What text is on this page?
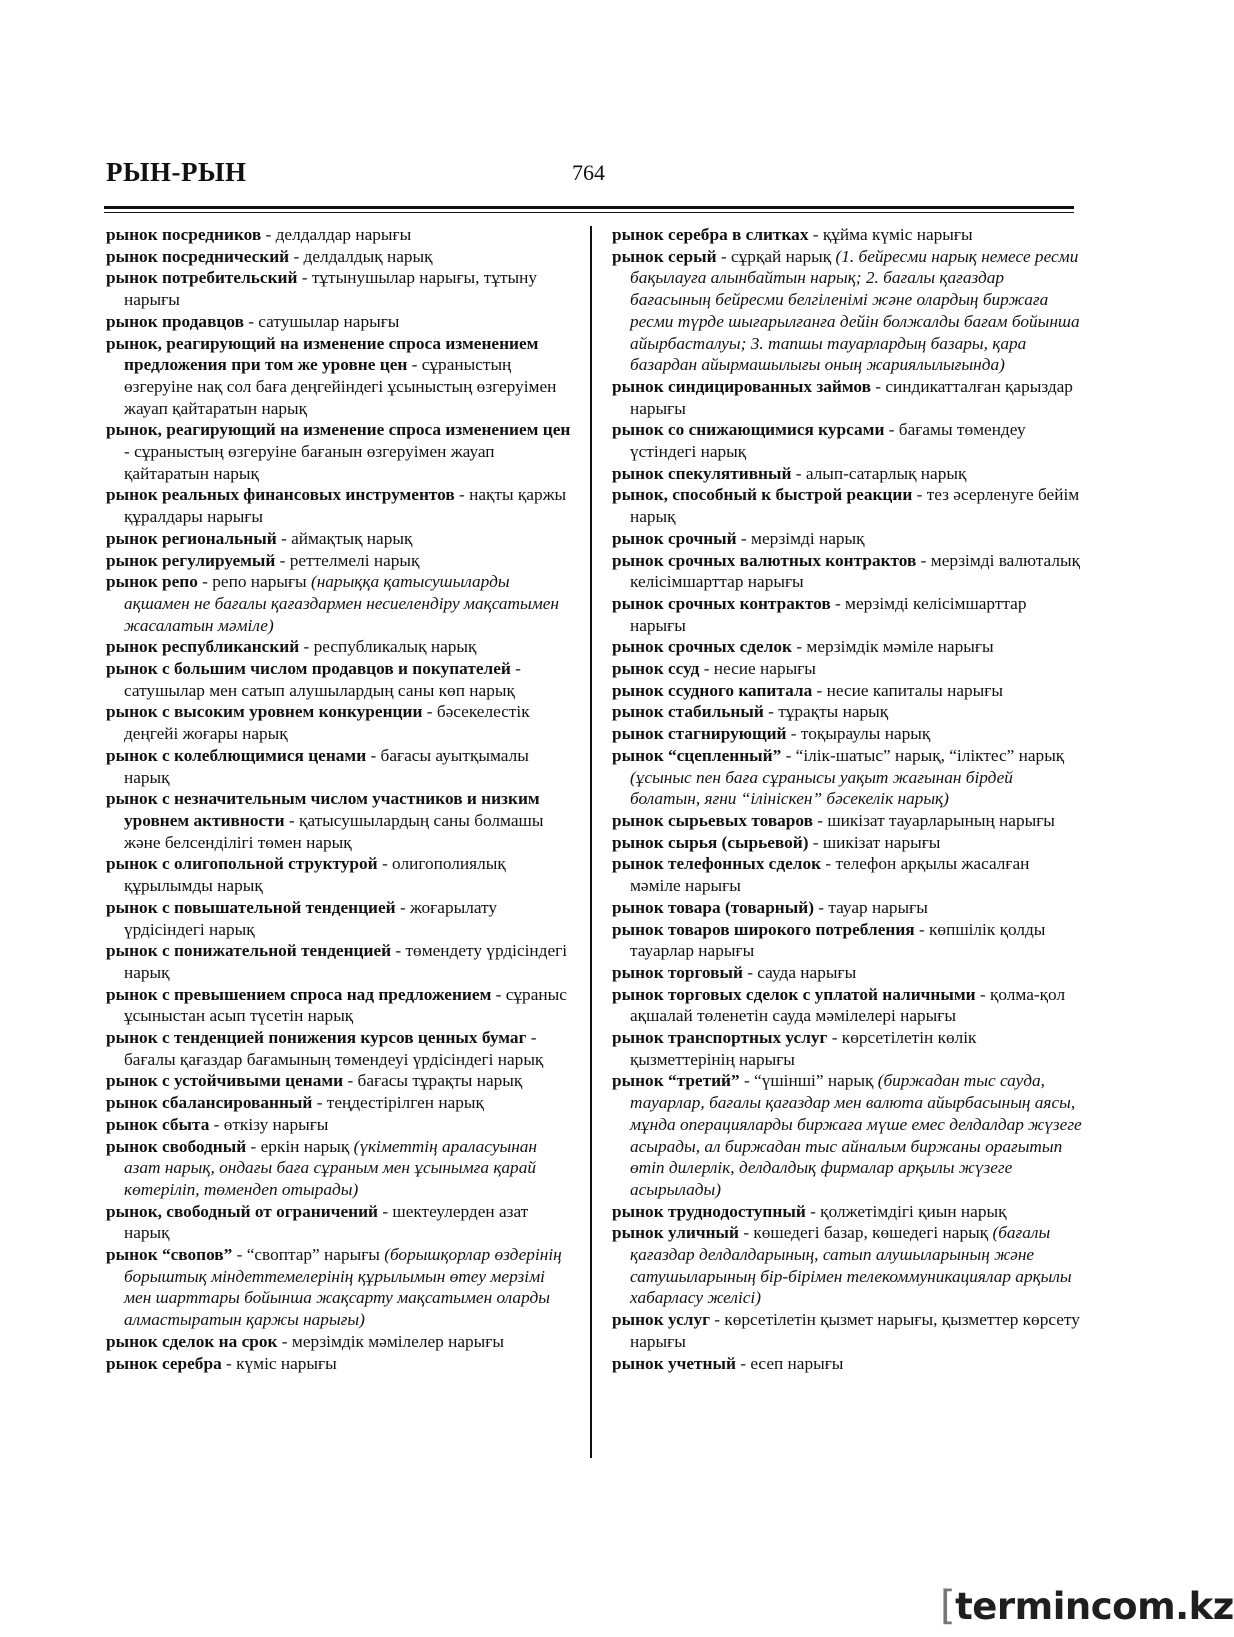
РЫН-РЫН	764

рынок посредников - делдалдар нарығы

рынок посреднический - делдалдық нарық

рынок потребительский - тұтынушылар нарығы, тұтыну нарығы

рынок продавцов - сатушылар нарығы

рынок, реагирующий на изменение спроса изменением предложения при том же уровне цен - сұраныстың өзгеруіне нақ сол баға деңгейіндегі ұсыныстың өзгеруімен жауап қайтаратын нарық

рынок, реагирующий на изменение спроса изменением цен - сұраныстың өзгеруіне бағанын өзгеруімен жауап қайтаратын нарық

рынок реальных финансовых инструментов - нақты қаржы құралдары нарығы

рынок региональный - аймақтық нарық

рынок регулируемый - реттелмелі нарық

рынок репо - репо нарығы (нарыққа қатысушыларды ақшамен не бағалы қағаздармен несиелендіру мақсатымен жасалатын мәміле)

рынок республиканский - республикалық нарық

рынок с большим числом продавцов и покупателей - сатушылар мен сатып алушылардың саны көп нарық

рынок с высоким уровнем конкуренции - бәсекелестік деңгейі жоғары нарық

рынок с колеблющимися ценами - бағасы ауытқымалы нарық

рынок с незначительным числом участников и низким уровнем активности - қатысушылардың саны болмашы және белсенділігі төмен нарық

рынок с олигопольной структурой - олигополиялық құрылымды нарық

рынок с повышательной тенденцией - жоғарылату үрдісіндегі нарық

рынок с понижательной тенденцией - төмендету үрдісіндегі нарық

рынок с превышением спроса над предложением - сұраныс ұсыныстан асып түсетін нарық

рынок с тенденцией понижения курсов ценных бумаг - бағалы қағаздар бағамының төмендеуі үрдісіндегі нарық

рынок с устойчивыми ценами - бағасы тұрақты нарық

рынок сбалансированный - теңдестірілген нарық

рынок сбыта - өткізу нарығы

рынок свободный - еркін нарық (үкіметтің араласуынан азат нарық, ондағы баға сұраным мен ұсынымға қарай көтеріліп, төмендеп отырады)

рынок, свободный от ограничений - шектеулерден азат нарық

рынок “свопов” - “своптар” нарығы (борышқорлар өздерінің борыштық міндеттемелерінің құрылымын өтеу мерзімі мен шарттары бойынша жақсарту мақсатымен оларды алмастыратын қаржы нарығы)

рынок сделок на срок - мерзімдік мәмілелер нарығы

рынок серебра - күміс нарығы

рынок серебра в слитках - құйма күміс нарығы

рынок серый - сұрқай нарық (1. бейресми нарық немесе ресми бақылауға алынбайтын нарық; 2. бағалы қағаздар бағасының бейресми белгіленімі және олардың биржаға ресми түрде шығарылғанға дейін болжалды бағам бойынша айырбасталуы; 3. тапшы тауарлардың базары, қара базардан айырмашылығы оның жариялылығында)

рынок синдицированных займов - синдикатталған қарыздар нарығы

рынок со снижающимися курсами - бағамы төмендеу үстіндегі нарық

рынок спекулятивный - алып-сатарлық нарық

рынок, способный к быстрой реакции - тез әсерленуге бейім нарық

рынок срочный - мерзімді нарық

рынок срочных валютных контрактов - мерзімді валюталық келісімшарттар нарығы

рынок срочных контрактов - мерзімді келісімшарттар нарығы

рынок срочных сделок - мерзімдік мәміле нарығы

рынок ссуд - несие нарығы

рынок ссудного капитала - несие капиталы нарығы

рынок стабильный - тұрақты нарық

рынок стагнирующий - тоқыраулы нарық

рынок “сцепленный” - “ілік-шатыс” нарық, “іліктес” нарық (ұсыныс пен баға сұранысы уақыт жағынан бірдей болатын, яғни “ілініскен” бәсекелік нарық)

рынок сырьевых товаров - шикізат тауарларының нарығы

рынок сырья (сырьевой) - шикізат нарығы

рынок телефонных сделок - телефон арқылы жасалған мәміле нарығы

рынок товара (товарный) - тауар нарығы

рынок товаров широкого потребления - көпшілік қолды тауарлар нарығы

рынок торговый - сауда нарығы

рынок торговых сделок с уплатой наличными - қолма-қол ақшалай төленетін сауда мәмілелері нарығы

рынок транспортных услуг - көрсетілетін көлік қызметтерінің нарығы

рынок “третий” - “үшінші” нарық (биржадан тыс сауда, тауарлар, бағалы қағаздар мен валюта айырбасының аясы, мұнда операцияларды биржаға мүше емес делдалдар жүзеге асырады, ал биржадан тыс айналым биржаны орағытып өтіп дилерлік, делдалдық фирмалар арқылы жүзеге асырылады)

рынок труднодоступный - қолжетімдігі қиын нарық

рынок уличный - көшедегі базар, көшедегі нарық (бағалы қағаздар делдалдарының, сатып алушыларының және сатушыларының бір-бірімен телекоммуникациялар арқылы хабарласу желісі)

рынок услуг - көрсетілетін қызмет нарығы, қызметтер көрсету нарығы

рынок учетный - есеп нарығы

[termincom.kz
